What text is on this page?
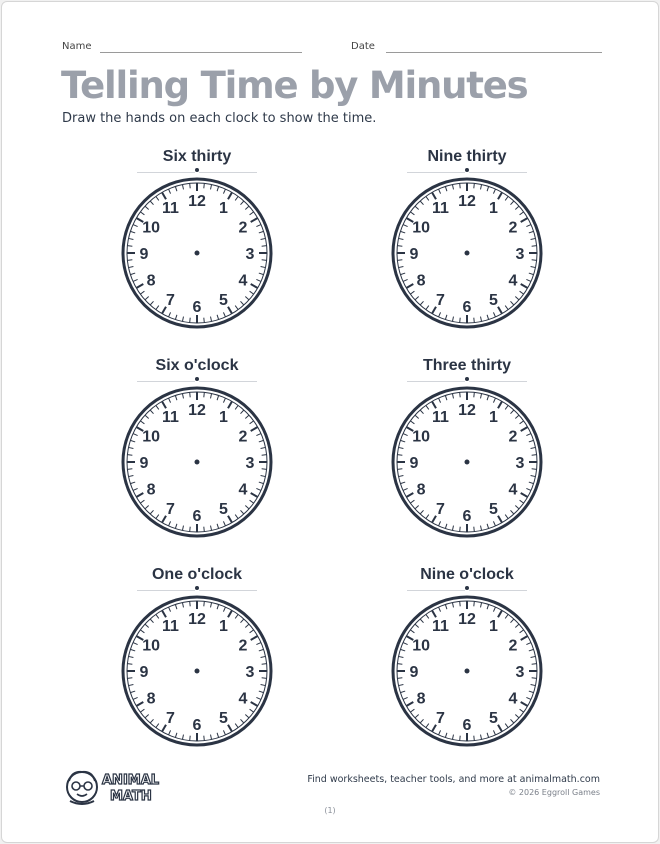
Name	Date
Telling Time by Minutes
Draw the hands on each clock to show the time.
Six thirty
12 1
2
3
4
5
6
7
8
9
10
11
Nine thirty
12 1
2
3
4
5
6
7
8
9
10
11
Six o'clock
12 1
2
3
4
5
6
7
8
9
10
11
Three thirty
12 1
2
3
4
5
6
7
8
9
10
11
One o'clock
12 1
2
3
4
5
6
7
8
9
10
11
Nine o'clock
12 1
2
3
4
5
6
7
8
9
10
11
ANIMAL
MATH
Find worksheets, teacher tools, and more at animalmath.com
© 2026 Eggroll Games
(1)
